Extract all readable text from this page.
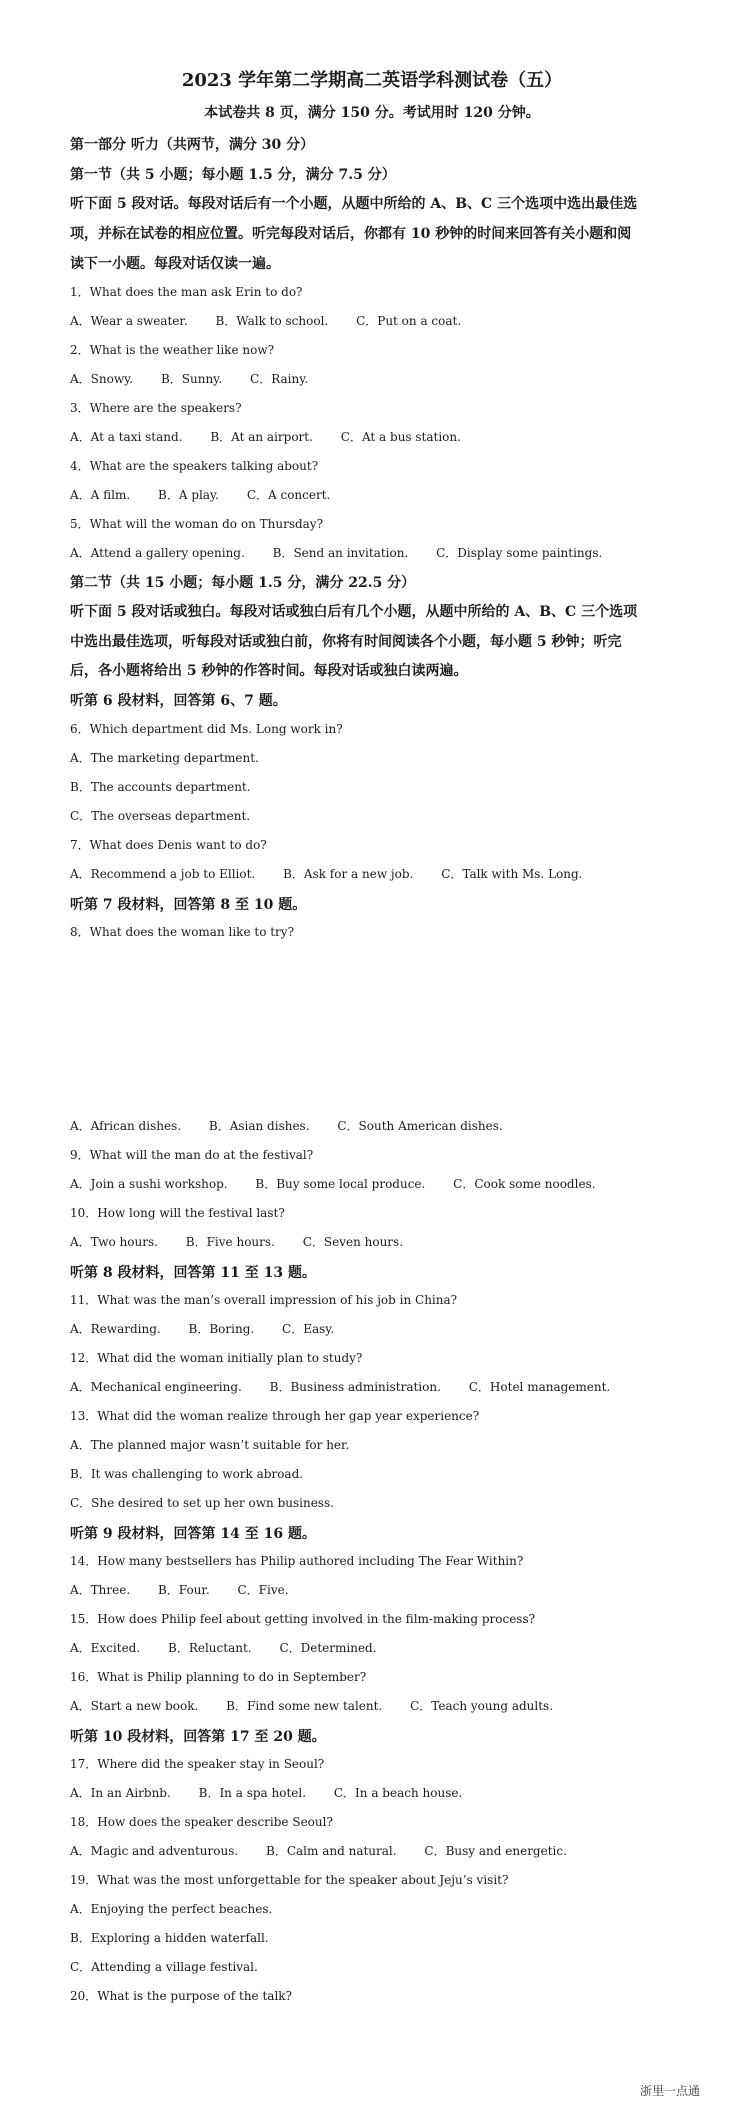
2023 学年第二学期高二英语学科测试卷（五）
本试卷共 8 页，满分 150 分。考试用时 120 分钟。
第一部分 听力（共两节，满分 30 分）
第一节（共 5 小题；每小题 1.5 分，满分 7.5 分）
听下面 5 段对话。每段对话后有一个小题，从题中所给的 A、B、C 三个选项中选出最佳选
项，并标在试卷的相应位置。听完每段对话后，你都有 10 秒钟的时间来回答有关小题和阅
读下一小题。每段对话仅读一遍。
1．What does the man ask Erin to do?
A．Wear a sweater. B．Walk to school. C．Put on a coat.
2．What is the weather like now?
A．Snowy. B．Sunny. C．Rainy.
3．Where are the speakers?
A．At a taxi stand. B．At an airport. C．At a bus station.
4．What are the speakers talking about?
A．A film. B．A play. C．A concert.
5．What will the woman do on Thursday?
A．Attend a gallery opening. B．Send an invitation. C．Display some paintings.
第二节（共 15 小题；每小题 1.5 分，满分 22.5 分）
听下面 5 段对话或独白。每段对话或独白后有几个小题，从题中所给的 A、B、C 三个选项
中选出最佳选项，听每段对话或独白前，你将有时间阅读各个小题，每小题 5 秒钟；听完
后，各小题将给出 5 秒钟的作答时间。每段对话或独白读两遍。
听第 6 段材料，回答第 6、7 题。
6．Which department did Ms. Long work in?
A．The marketing department.
B．The accounts department.
C．The overseas department.
7．What does Denis want to do?
A．Recommend a job to Elliot. B．Ask for a new job. C．Talk with Ms. Long.
听第 7 段材料，回答第 8 至 10 题。
8．What does the woman like to try?
A．African dishes. B．Asian dishes. C．South American dishes.
9．What will the man do at the festival?
A．Join a sushi workshop. B．Buy some local produce. C．Cook some noodles.
10．How long will the festival last?
A．Two hours. B．Five hours. C．Seven hours.
听第 8 段材料，回答第 11 至 13 题。
11．What was the man’s overall impression of his job in China?
A．Rewarding. B．Boring. C．Easy.
12．What did the woman initially plan to study?
A．Mechanical engineering. B．Business administration. C．Hotel management.
13．What did the woman realize through her gap year experience?
A．The planned major wasn’t suitable for her.
B．It was challenging to work abroad.
C．She desired to set up her own business.
听第 9 段材料，回答第 14 至 16 题。
14．How many bestsellers has Philip authored including The Fear Within?
A．Three. B．Four. C．Five.
15．How does Philip feel about getting involved in the film-making process?
A．Excited. B．Reluctant. C．Determined.
16．What is Philip planning to do in September?
A．Start a new book. B．Find some new talent. C．Teach young adults.
听第 10 段材料，回答第 17 至 20 题。
17．Where did the speaker stay in Seoul?
A．In an Airbnb. B．In a spa hotel. C．In a beach house.
18．How does the speaker describe Seoul?
A．Magic and adventurous. B．Calm and natural. C．Busy and energetic.
19．What was the most unforgettable for the speaker about Jeju’s visit?
A．Enjoying the perfect beaches.
B．Exploring a hidden waterfall.
C．Attending a village festival.
20．What is the purpose of the talk?
浙里一点通
